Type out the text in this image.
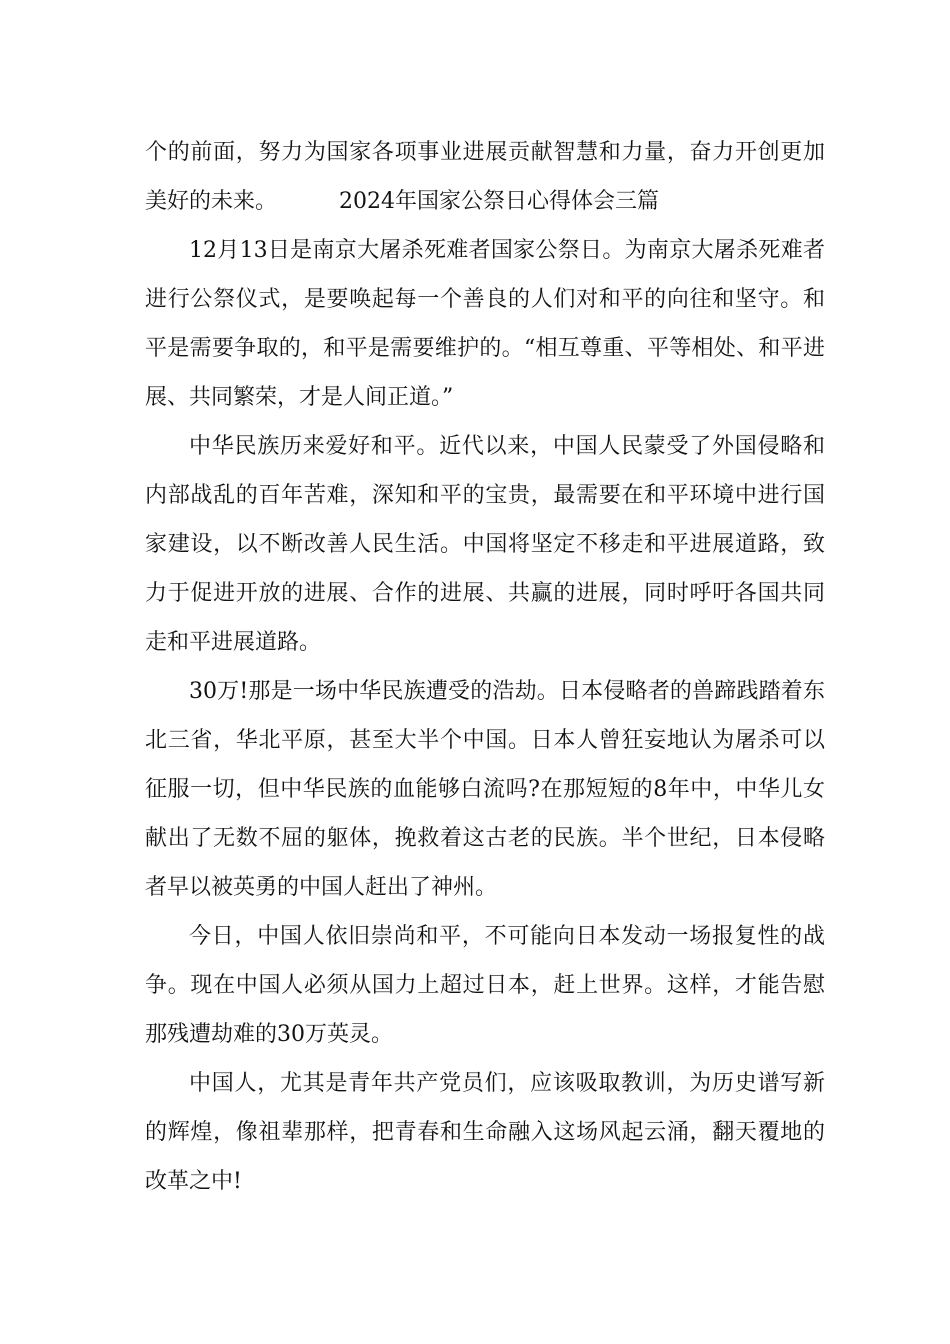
个的前面，努力为国家各项事业进展贡献智慧和力量，奋力开创更加美好的未来。	2024年国家公祭日心得体会三篇

12月13日是南京大屠杀死难者国家公祭日。为南京大屠杀死难者进行公祭仪式，是要唤起每一个善良的人们对和平的向往和坚守。和平是需要争取的，和平是需要维护的。“相互尊重、平等相处、和平进展、共同繁荣，才是人间正道。”

中华民族历来爱好和平。近代以来，中国人民蒙受了外国侵略和内部战乱的百年苦难，深知和平的宝贵，最需要在和平环境中进行国家建设，以不断改善人民生活。中国将坚定不移走和平进展道路，致力于促进开放的进展、合作的进展、共赢的进展，同时呼吁各国共同走和平进展道路。

30万!那是一场中华民族遭受的浩劫。日本侵略者的兽蹄践踏着东北三省，华北平原，甚至大半个中国。日本人曾狂妄地认为屠杀可以征服一切，但中华民族的血能够白流吗?在那短短的8年中，中华儿女献出了无数不屈的躯体，挽救着这古老的民族。半个世纪，日本侵略者早以被英勇的中国人赶出了神州。

今日，中国人依旧崇尚和平，不可能向日本发动一场报复性的战争。现在中国人必须从国力上超过日本，赶上世界。这样，才能告慰那残遭劫难的30万英灵。

中国人，尤其是青年共产党员们，应该吸取教训，为历史谱写新的辉煌，像祖辈那样，把青春和生命融入这场风起云涌，翻天覆地的改革之中!
